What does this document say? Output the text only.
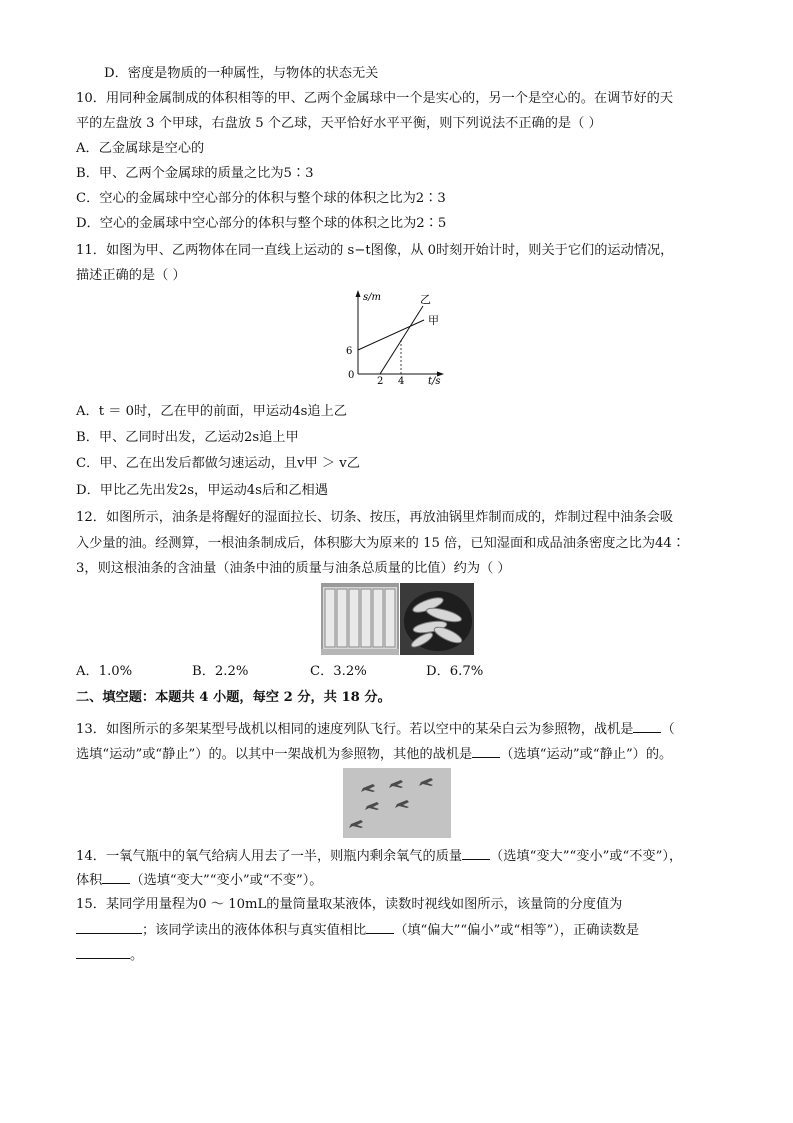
D．密度是物质的一种属性，与物体的状态无关
10．用同种金属制成的体积相等的甲、乙两个金属球中一个是实心的，另一个是空心的。在调节好的天
平的左盘放 3 个甲球，右盘放 5 个乙球，天平恰好水平平衡，则下列说法不正确的是（ ）
A．乙金属球是空心的
B．甲、乙两个金属球的质量之比为5∶3
C．空心的金属球中空心部分的体积与整个球的体积之比为2∶3
D．空心的金属球中空心部分的体积与整个球的体积之比为2∶5
11．如图为甲、乙两物体在同一直线上运动的 s−t图像，从 0时刻开始计时，则关于它们的运动情况，
描述正确的是（ ）
s/m
t/s
0
6
2 4
乙
甲
A．t ＝ 0时，乙在甲的前面，甲运动4s追上乙
B．甲、乙同时出发，乙运动2s追上甲
C．甲、乙在出发后都做匀速运动，且v甲 ＞ v乙
D．甲比乙先出发2s，甲运动4s后和乙相遇
12．如图所示，油条是将醒好的湿面拉长、切条、按压，再放油锅里炸制而成的，炸制过程中油条会吸
入少量的油。经测算，一根油条制成后，体积膨大为原来的 15 倍，已知湿面和成品油条密度之比为44∶
3，则这根油条的含油量（油条中油的质量与油条总质量的比值）约为（ ）
A．1.0%	B．2.2%	C．3.2%	D．6.7%
二、填空题：本题共 4 小题，每空 2 分，共 18 分。
13．如图所示的多架某型号战机以相同的速度列队飞行。若以空中的某朵白云为参照物，战机是 （
选填“运动”或“静止”）的。以其中一架战机为参照物，其他的战机是 （选填“运动”或“静止”）的。
14．一氧气瓶中的氧气给病人用去了一半，则瓶内剩余氧气的质量 （选填“变大”“变小”或“不变”），
体积 （选填“变大”“变小”或“不变”）。
15．某同学用量程为0 ～ 10mL的量筒量取某液体，读数时视线如图所示，该量筒的分度值为
；该同学读出的液体体积与真实值相比 （填“偏大”“偏小”或“相等”），正确读数是
。
